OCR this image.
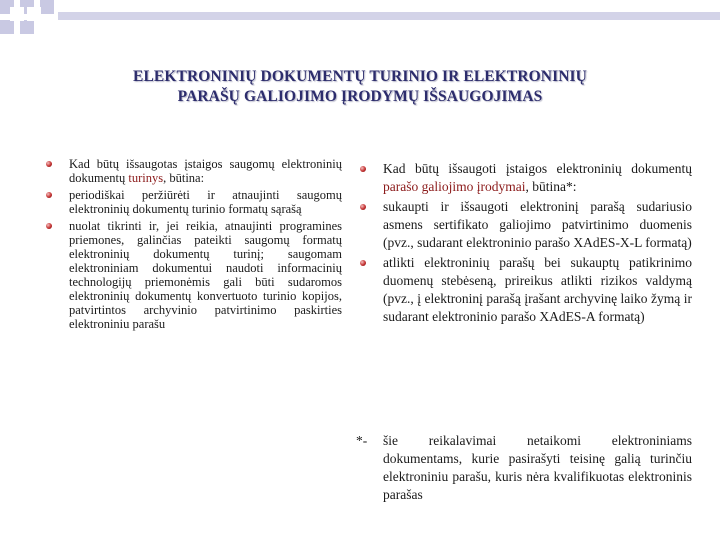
ELEKTRONINIŲ DOKUMENTŲ TURINIO IR ELEKTRONINIŲ
PARAŠŲ GALIOJIMO ĮRODYMŲ IŠSAUGOJIMAS

Kad būtų išsaugotas įstaigos saugomų elektroninių dokumentų turinys, būtina:

periodiškai peržiūrėti ir atnaujinti saugomų elektroninių dokumentų turinio formatų sąrašą

nuolat tikrinti ir, jei reikia, atnaujinti programines priemones, galinčias pateikti saugomų formatų elektroninių dokumentų turinį; saugomam elektroniniam dokumentui naudoti informacinių technologijų priemonėmis gali būti sudaromos elektroninių dokumentų konvertuoto turinio kopijos, patvirtintos archyvinio patvirtinimo paskirties elektroniniu parašu

Kad būtų išsaugoti įstaigos elektroninių dokumentų parašo galiojimo įrodymai, būtina*:

sukaupti ir išsaugoti elektroninį parašą sudariusio asmens sertifikato galiojimo patvirtinimo duomenis (pvz., sudarant elektroninio parašo XAdES-X-L formatą)

atlikti elektroninių parašų bei sukauptų patikrinimo duomenų stebėseną, prireikus atlikti rizikos valdymą (pvz., į elektroninį parašą įrašant archyvinę laiko žymą ir sudarant elektroninio parašo XAdES-A formatą)

*- šie reikalavimai netaikomi elektroniniams dokumentams, kurie pasirašyti teisinę galią turinčiu elektroniniu parašu, kuris nėra kvalifikuotas elektroninis parašas
